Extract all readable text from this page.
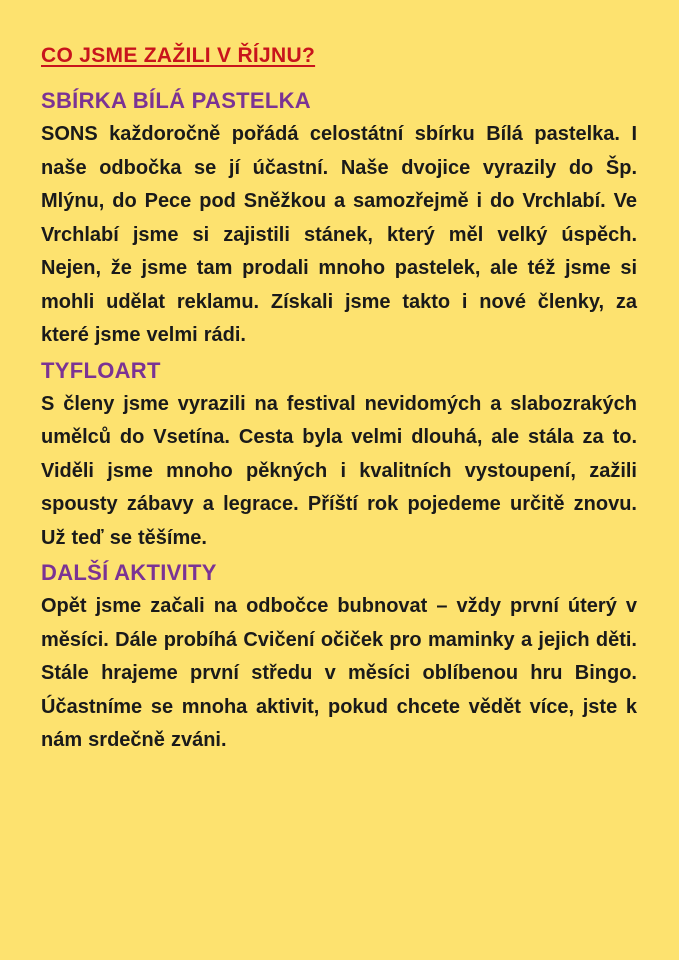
CO JSME ZAŽILI V ŘÍJNU?
SBÍRKA BÍLÁ PASTELKA

SONS každoročně pořádá celostátní sbírku Bílá pastelka. I naše odbočka se jí účastní. Naše dvojice vyrazily do Šp. Mlýnu, do Pece pod Sněžkou a samozřejmě i do Vrchlabí. Ve Vrchlabí jsme si zajistili stánek, který měl velký úspěch. Nejen, že jsme tam prodali mnoho pastelek, ale též jsme si mohli udělat reklamu. Získali jsme takto i nové členky, za které jsme velmi rádi.

TYFLOART

S členy jsme vyrazili na festival nevidomých a slabozrakých umělců do Vsetína. Cesta byla velmi dlouhá, ale stála za to. Viděli jsme mnoho pěkných i kvalitních vystoupení, zažili spousty zábavy a legrace. Příští rok pojedeme určitě znovu. Už teď se těšíme.

DALŠÍ AKTIVITY

Opět jsme začali na odbočce bubnovat – vždy první úterý v měsíci. Dále probíhá Cvičení očiček pro maminky a jejich děti. Stále hrajeme první středu v měsíci oblíbenou hru Bingo. Účastníme se mnoha aktivit, pokud chcete vědět více, jste k nám srdečně zváni.
